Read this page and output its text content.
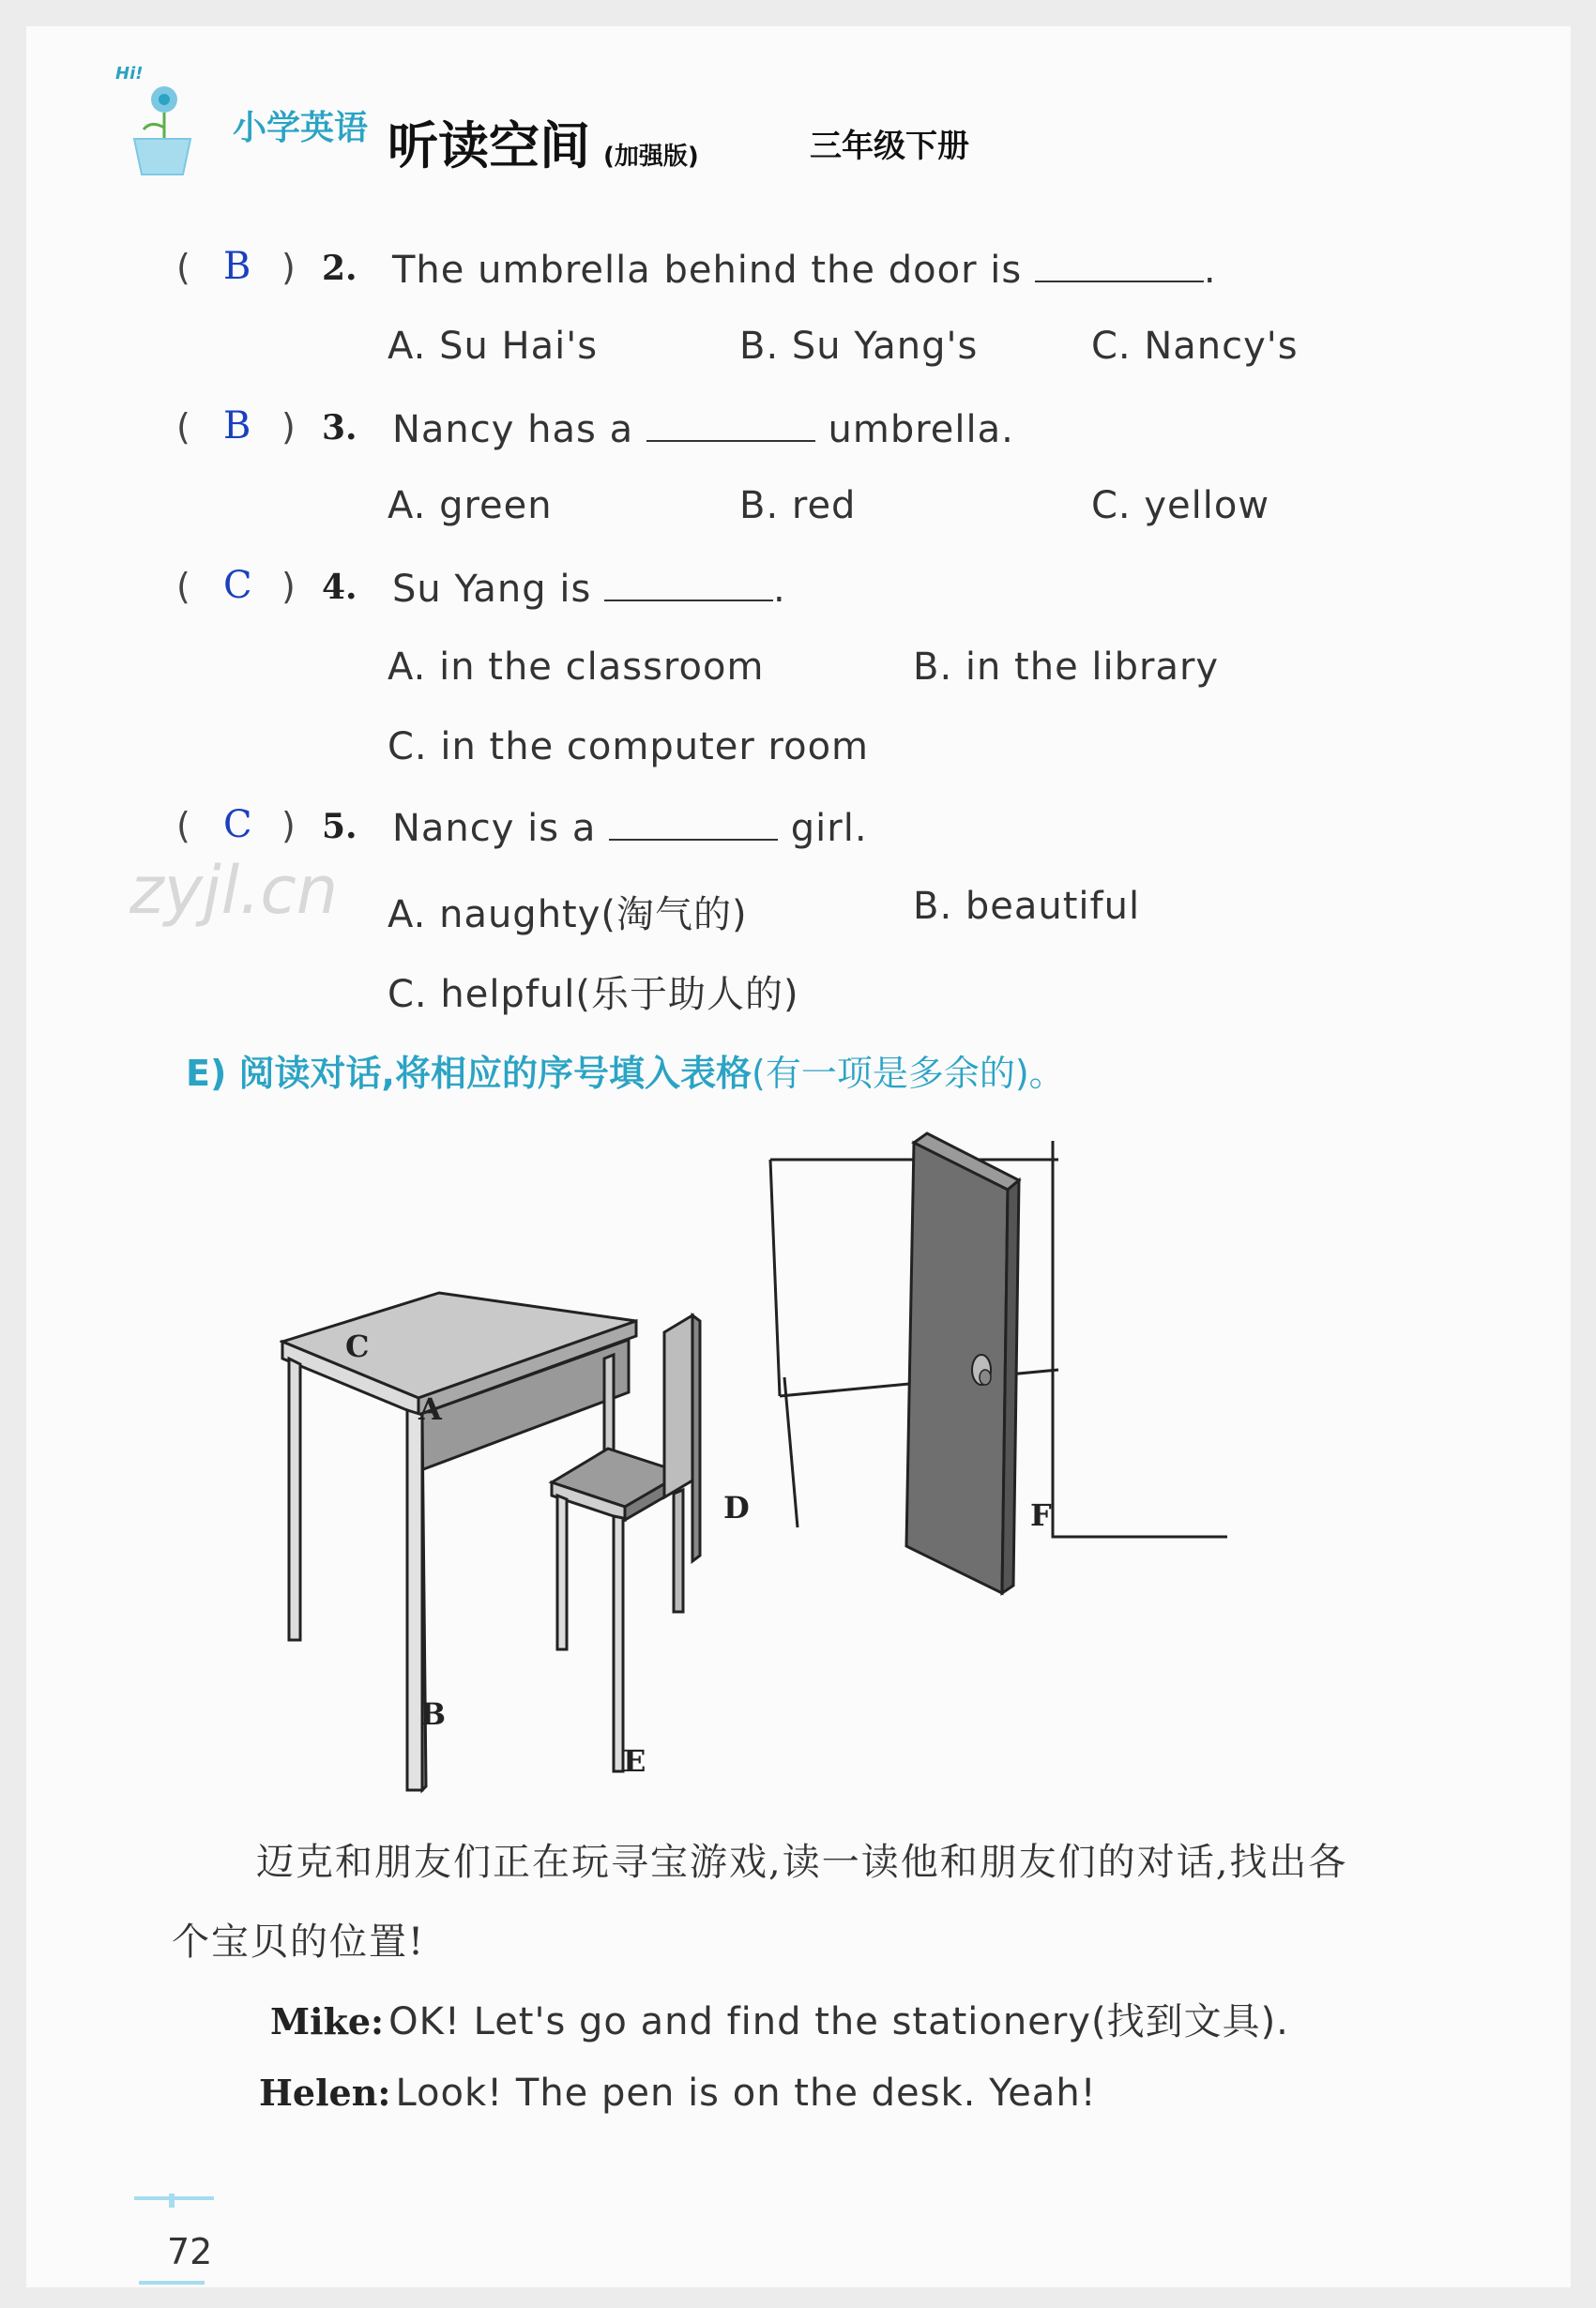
Hi!
小学英语 听读空间 (加强版)	三年级下册
( B ) 2. The umbrella behind the door is	.
A. Su Hai's	B. Su Yang's	C. Nancy's
( B ) 3. Nancy has a	umbrella.
A. green	B. red	C. yellow
( C ) 4. Su Yang is	.
A. in the classroom	B. in the library
C. in the computer room
( C ) 5. Nancy is a	girl.
A. naughty(淘气的)	B. beautiful
C. helpful(乐于助人的)
zyjl.cn
E) 阅读对话,将相应的序号填入表格(有一项是多余的)。
C
A
B
D
E
F
迈克和朋友们正在玩寻宝游戏,读一读他和朋友们的对话,找出各
个宝贝的位置!
Mike: OK! Let's go and find the stationery(找到文具).
Helen: Look! The pen is on the desk. Yeah!
72
